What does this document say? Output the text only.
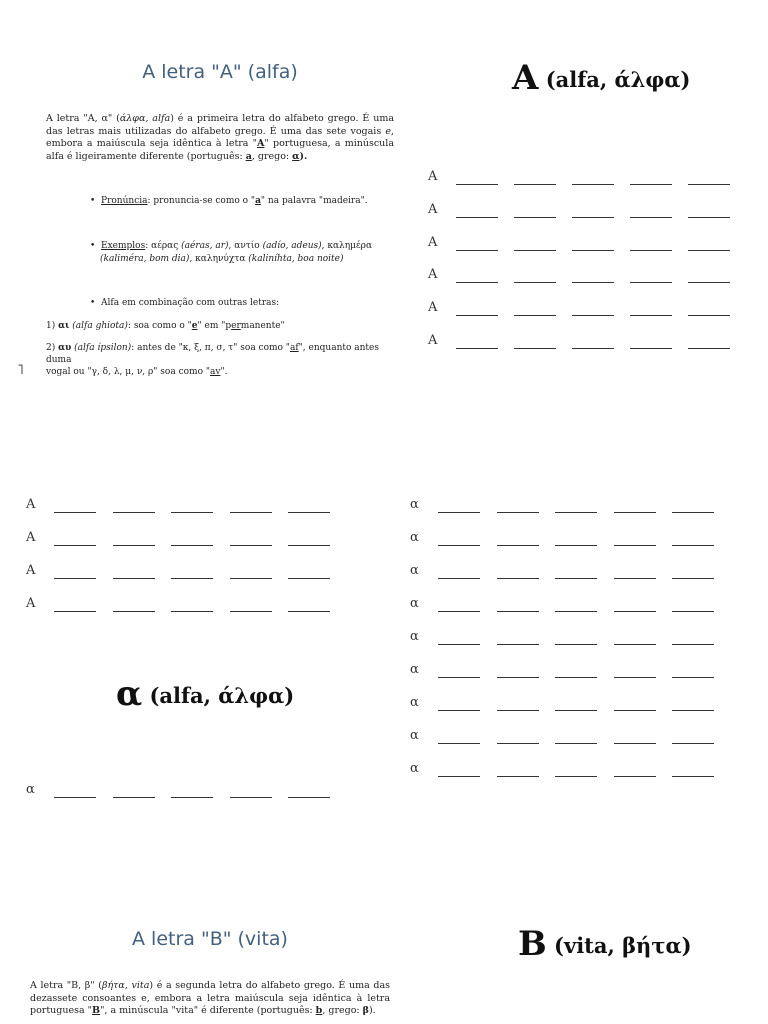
A letra "A" (alfa)
A letra "Α, α" (άλφα, alfa) é a primeira letra do alfabeto grego. É uma das letras mais utilizadas do alfabeto grego. É uma das sete vogais e, embora a maiúscula seja idêntica à letra "A" portuguesa, a minúscula alfa é ligeiramente diferente (português: a, grego: α).
•  Pronúncia: pronuncia-se como o "a" na palavra "madeira".
•  Exemplos: αέρας (aéras, ar), αντίο (adío, adeus), καλημέρα
(kaliméra, bom dia), καληνύχτα (kaliníhta, boa noite)
•  Alfa em combinação com outras letras:
1) αι (alfa ghiota): soa como o "e" em "permanente"
2) αυ (alfa ípsilon): antes de "κ, ξ, π, σ, τ" soa como "af", enquanto antes duma
vogal ou "γ, δ, λ, μ, ν, ρ" soa como "av".
˥
A (alfa, άλφα)
α (alfa, άλφα)
A letra "B" (vita)	B (vita, βήτα)
A letra "Β, β" (βήτα, vita) é a segunda letra do alfabeto grego. É uma das dezassete consoantes e, embora a letra maiúscula seja idêntica à letra portuguesa "B", a minúscula "vita" é diferente (português: b, grego: β).
A
A
A
A
A
A
A
A
A
A
α
α
α
α
α
α
α
α
α
α
